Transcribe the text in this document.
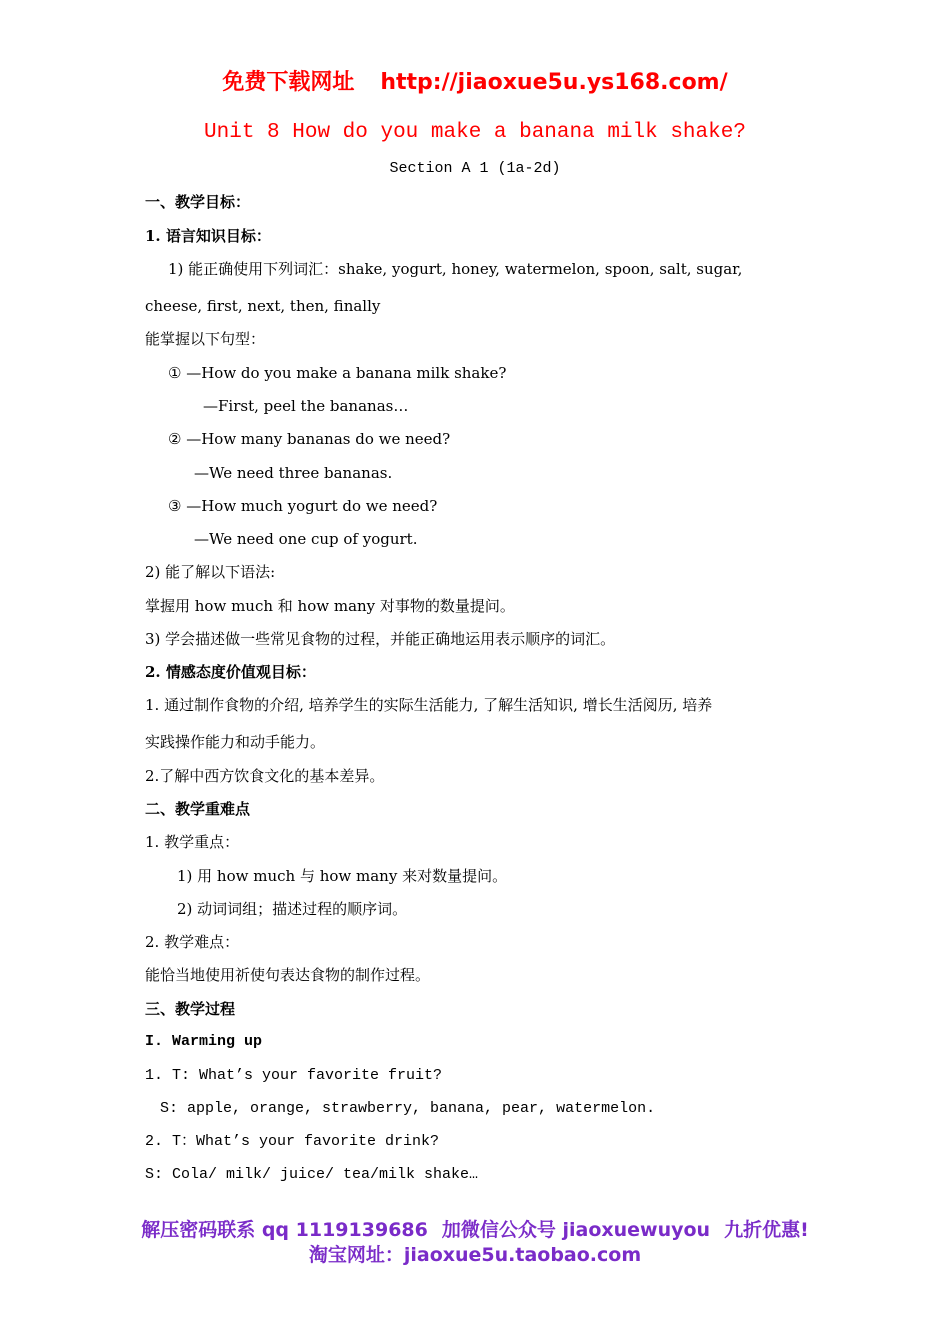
免费下载网址 http://jiaoxue5u.ys168.com/
Unit 8 How do you make a banana milk shake?
Section A 1 (1a-2d)
一、教学目标：
1. 语言知识目标：
1) 能正确使用下列词汇：shake, yogurt, honey, watermelon, spoon, salt, sugar,
cheese, first, next, then, finally
能掌握以下句型：
① —How do you make a banana milk shake?
—First, peel the bananas…
② —How many bananas do we need?
—We need three bananas.
③ —How much yogurt do we need?
—We need one cup of yogurt.
2) 能了解以下语法:
掌握用 how much 和 how many 对事物的数量提问。
3) 学会描述做一些常见食物的过程，并能正确地运用表示顺序的词汇。
2. 情感态度价值观目标：
1. 通过制作食物的介绍, 培养学生的实际生活能力, 了解生活知识, 增长生活阅历, 培养
实践操作能力和动手能力。
2.了解中西方饮食文化的基本差异。
二、教学重难点
1. 教学重点：
1) 用 how much 与 how many 来对数量提问。
2) 动词词组；描述过程的顺序词。
2. 教学难点：
能恰当地使用祈使句表达食物的制作过程。
三、教学过程
I. Warming up
1. T: What’s your favorite fruit?
S: apple, orange, strawberry, banana, pear, watermelon.
2. T：What’s your favorite drink?
S: Cola/ milk/ juice/ tea/milk shake…
解压密码联系 qq 1119139686 加微信公众号 jiaoxuewuyou 九折优惠!
淘宝网址：jiaoxue5u.taobao.com
